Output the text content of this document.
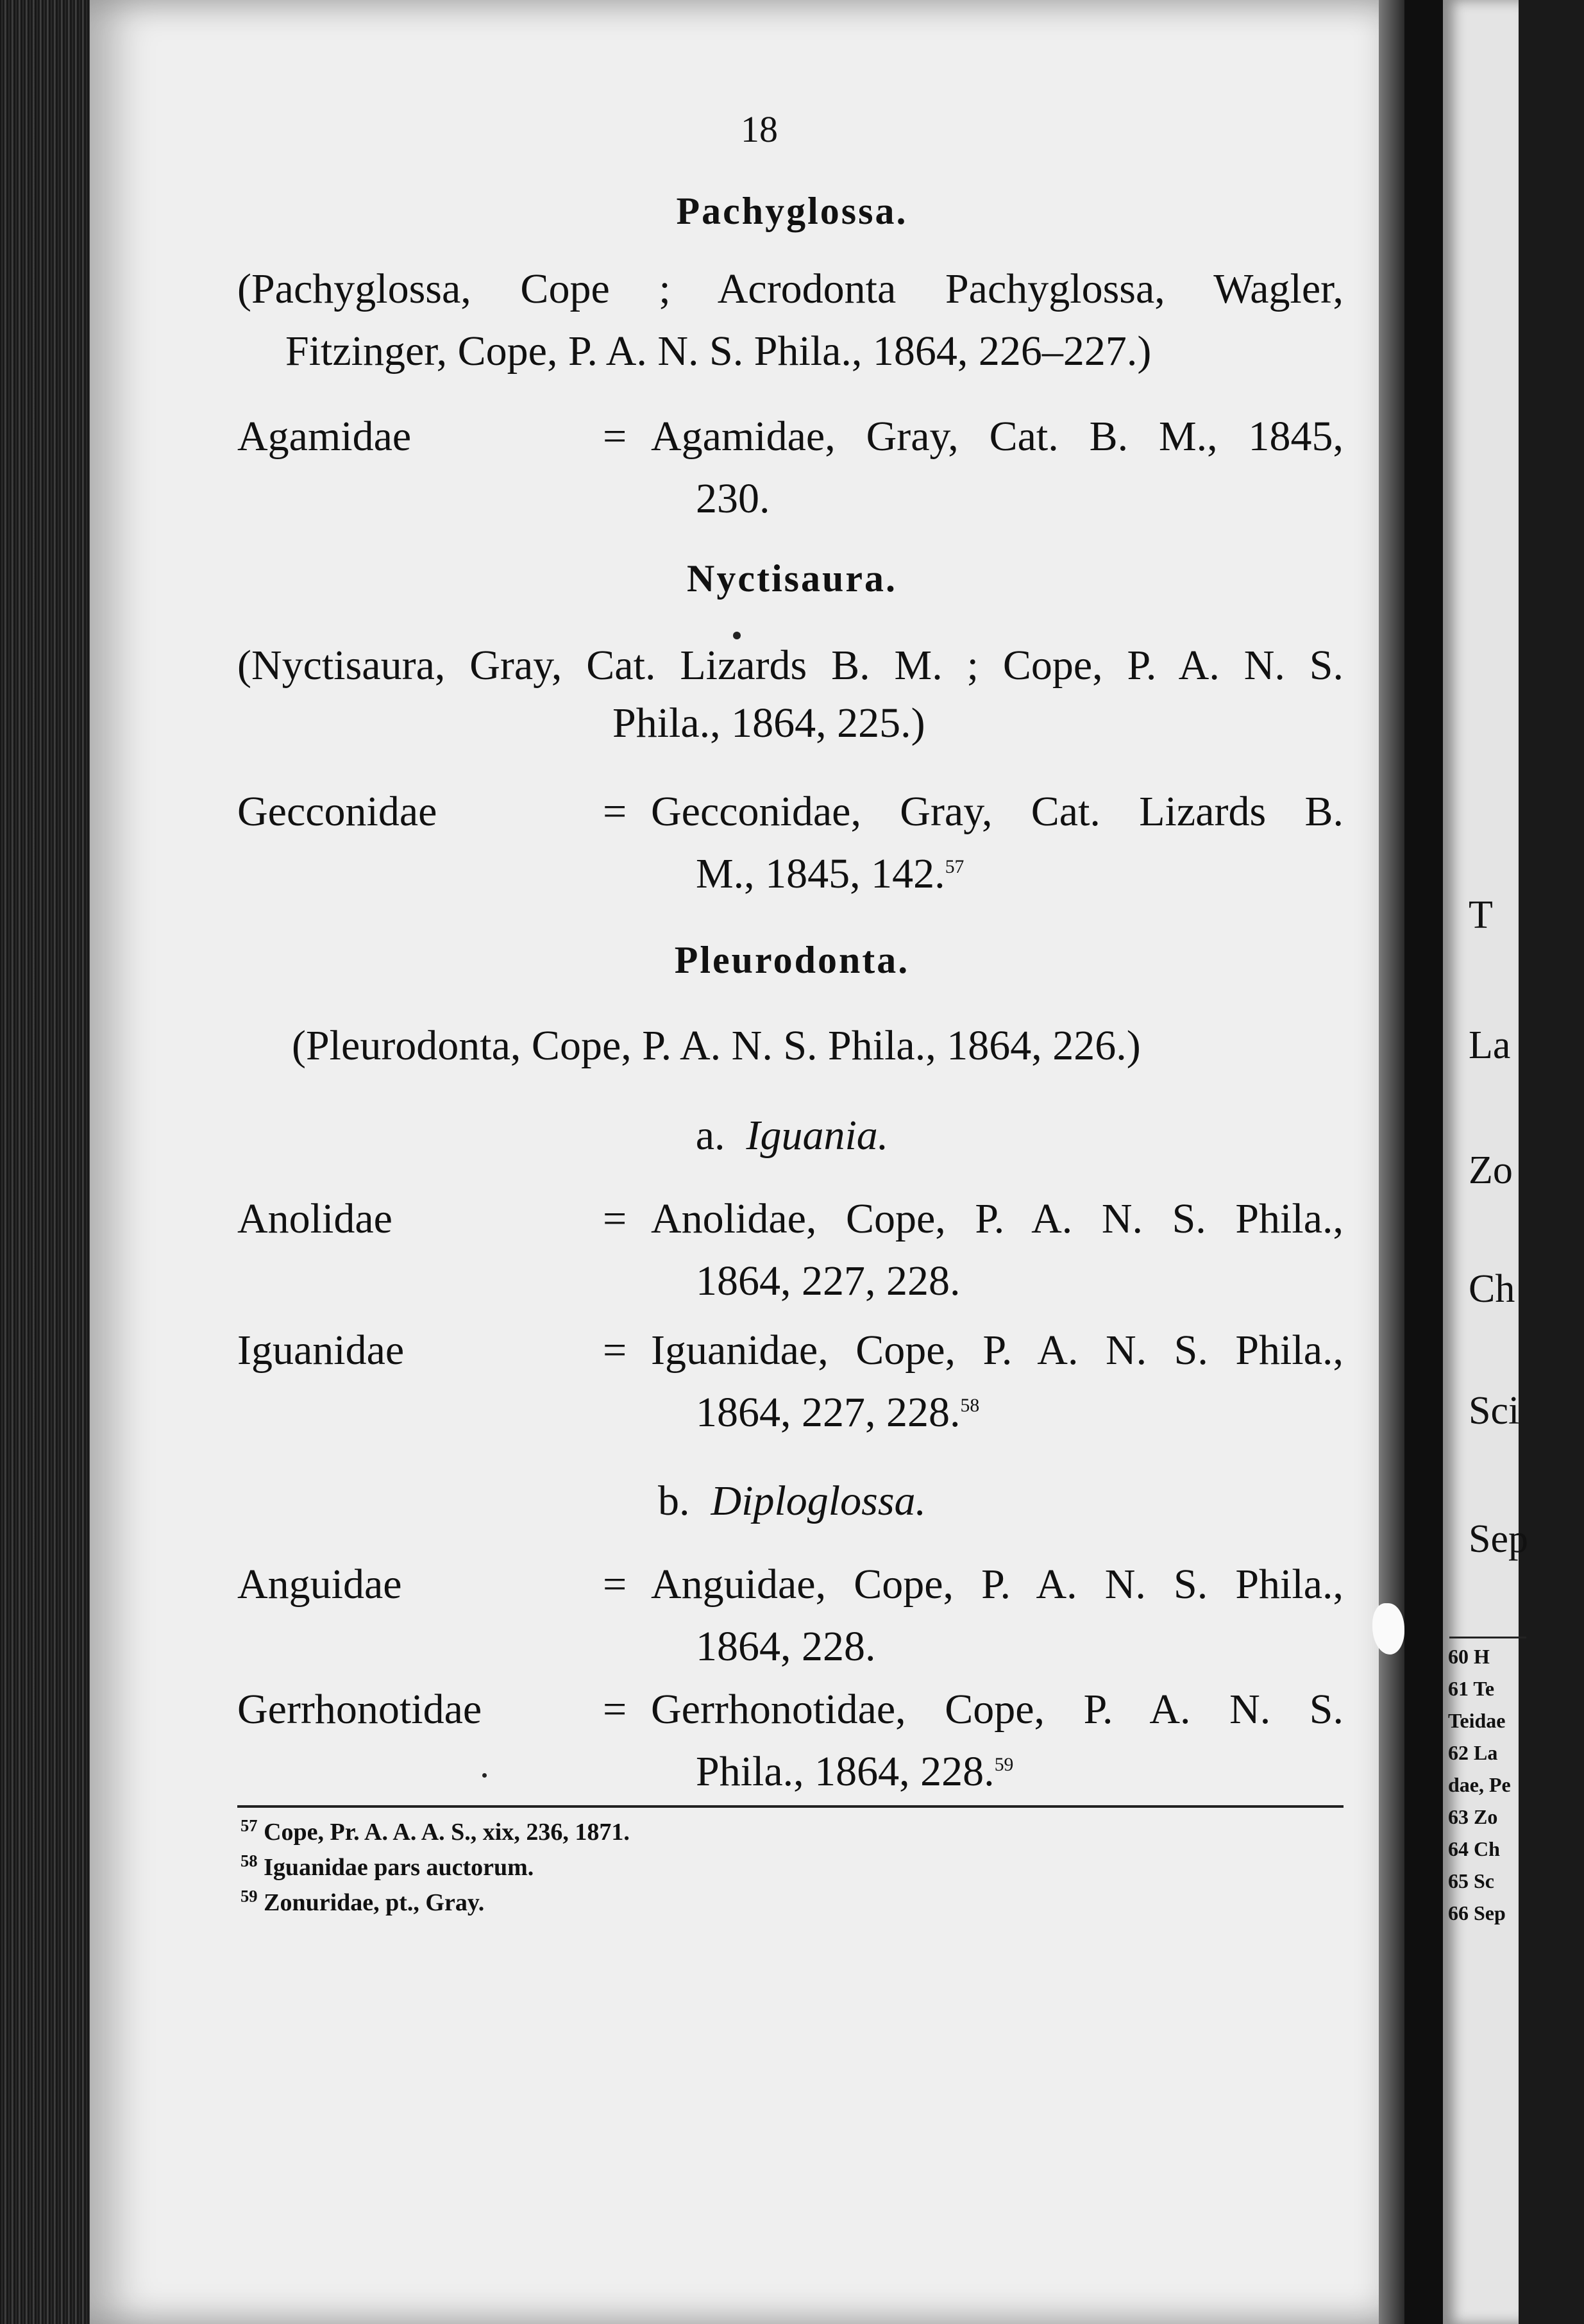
T
La
Zo
Ch
Sci
Sep
60 H
61 Te
Teidae
62 La
dae, Pe
63 Zo
64 Ch
65 Sc
66 Sep
18
Pachyglossa.
(Pachyglossa, Cope ; Acrodonta Pachyglossa, Wagler,
Fitzinger, Cope, P. A. N. S. Phila., 1864, 226–227.)
Agamidae	= Agamidae, Gray, Cat. B. M., 1845,
230.
Nyctisaura.
(Nyctisaura, Gray, Cat. Lizards B. M. ; Cope, P. A. N. S.
Phila., 1864, 225.)
Gecconidae	= Gecconidae, Gray, Cat. Lizards B.
M., 1845, 142.57
Pleurodonta.
(Pleurodonta, Cope, P. A. N. S. Phila., 1864, 226.)
a. Iguania.
Anolidae	= Anolidae, Cope, P. A. N. S. Phila.,
1864, 227, 228.
Iguanidae	= Iguanidae, Cope, P. A. N. S. Phila.,
1864, 227, 228.58
b. Diploglossa.
Anguidae	= Anguidae, Cope, P. A. N. S. Phila.,
1864, 228.
Gerrhonotidae	= Gerrhonotidae, Cope, P. A. N. S.
Phila., 1864, 228.59
$^{57}$ Cope, Pr. A. A. A. S., xix, 236, 1871.
$^{58}$ Iguanidae pars auctorum.
$^{59}$ Zonuridae, pt., Gray.
